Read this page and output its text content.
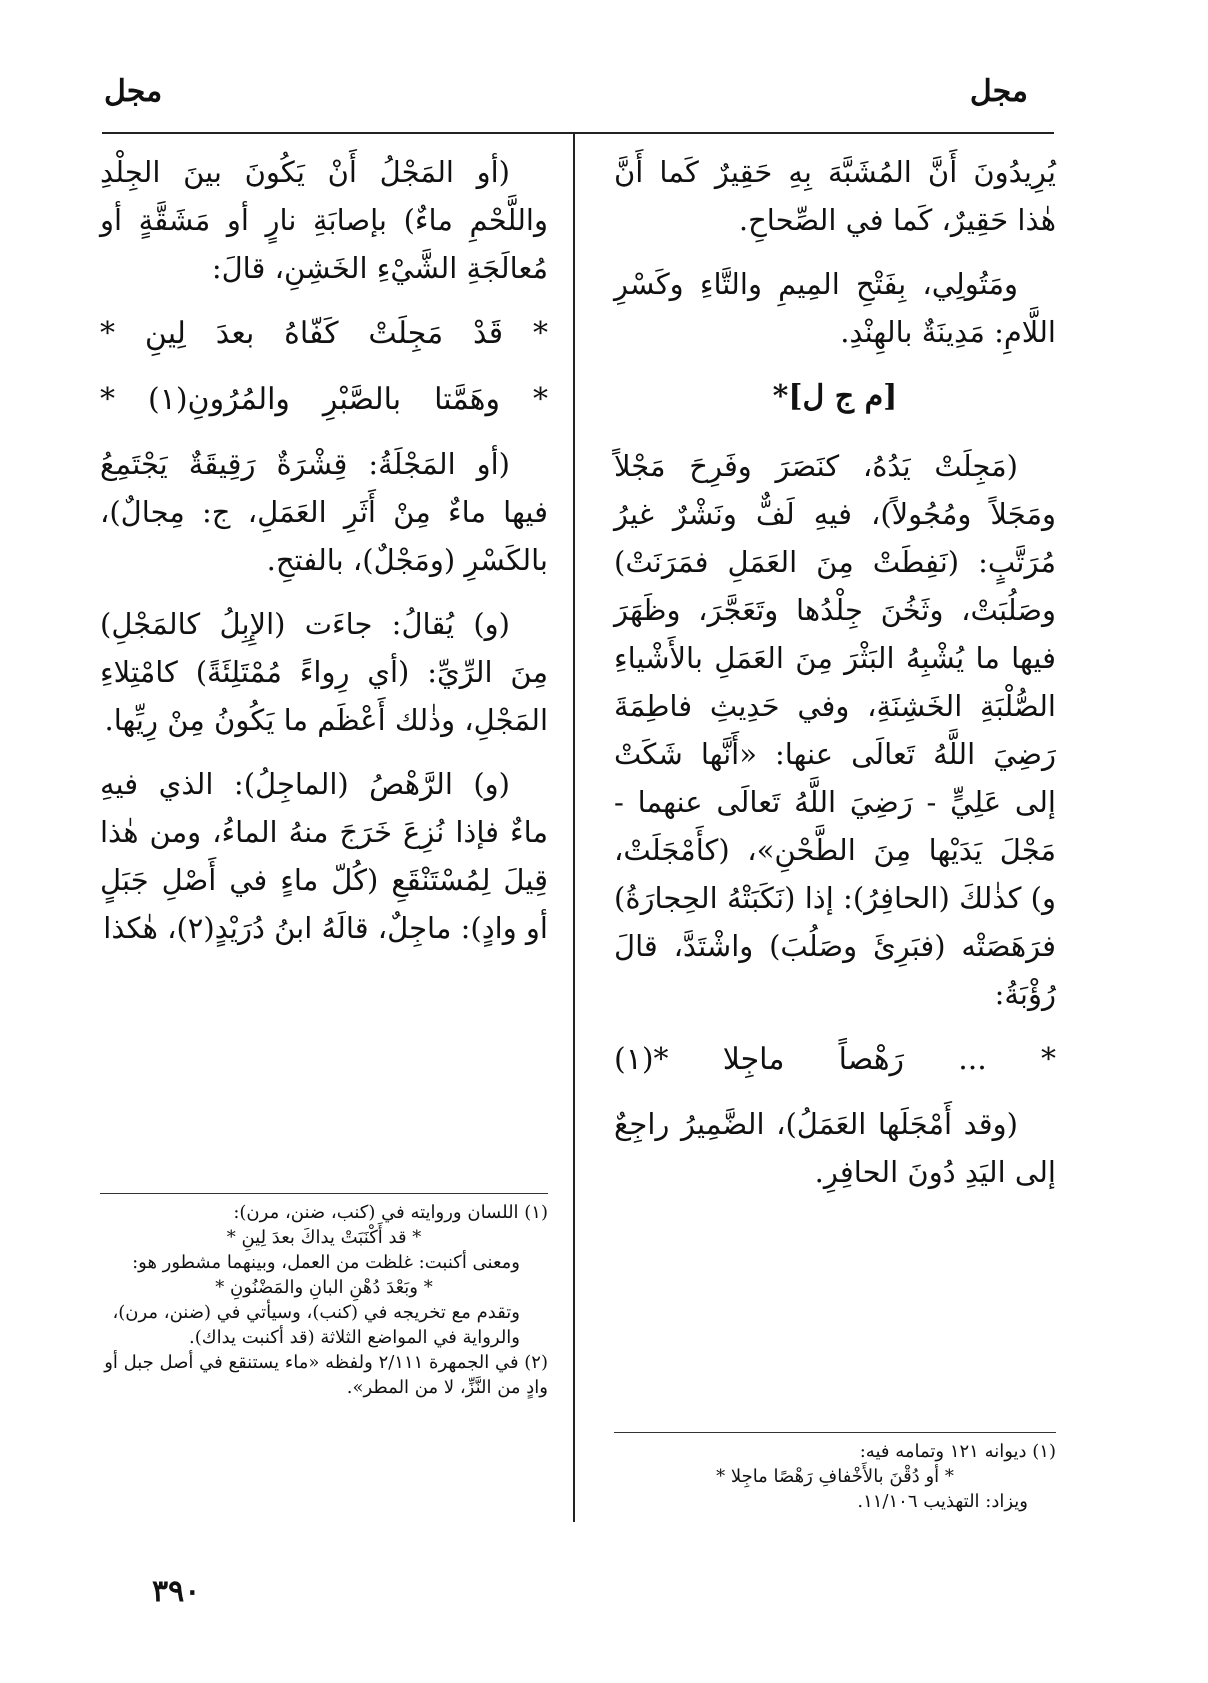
مجل
مجل

يُرِيدُونَ أَنَّ المُشَبَّهَ بِهِ حَقِيرٌ كَما أَنَّ هٰذا حَقِيرٌ، كَما في الصِّحاحِ.

ومَتُولِي، بِفَتْحِ المِيمِ والتَّاءِ وكَسْرِ اللَّامِ: مَدِينَةٌ بالهِنْدِ.

[م ج ل]*

(مَجِلَتْ يَدُهُ، كنَصَرَ وفَرِحَ مَجْلاً ومَجَلاً ومُجُولاً)، فيهِ لَفٌّ ونَشْرٌ غيرُ مُرَتَّبٍ: (نَفِطَتْ مِنَ العَمَلِ فمَرَنَتْ) وصَلُبَتْ، وثَخُنَ جِلْدُها وتَعَجَّرَ، وظَهَرَ فيها ما يُشْبِهُ البَثْرَ مِنَ العَمَلِ بالأَشْياءِ الصُّلْبَةِ الخَشِنَةِ، وفي حَدِيثِ فاطِمَةَ رَضِيَ اللَّهُ تَعالَى عنها: «أَنَّها شَكَتْ إلى عَلِيٍّ - رَضِيَ اللَّهُ تَعالَى عنهما - مَجْلَ يَدَيْها مِنَ الطَّحْنِ»، (كأَمْجَلَتْ، و) كذٰلكَ (الحافِرُ): إذا (نَكَبَتْهُ الحِجارَةُ) فرَهَصَتْه (فبَرِئَ وصَلُبَ) واشْتَدَّ، قالَ رُؤْبَةُ:

* ... رَهْصاً ماجِلا *(١)

(وقد أَمْجَلَها العَمَلُ)، الضَّمِيرُ راجِعٌ إلى اليَدِ دُونَ الحافِرِ.

(أو المَجْلُ أَنْ يَكُونَ بينَ الجِلْدِ واللَّحْمِ ماءٌ) بإصابَةِ نارٍ أو مَشَقَّةٍ أو مُعالَجَةِ الشَّيْءِ الخَشِنِ، قالَ:

* قَدْ مَجِلَتْ كَفّاهُ بعدَ لِينِ *

* وهَمَّتا بالصَّبْرِ والمُرُونِ(١) *

(أو المَجْلَةُ: قِشْرَةٌ رَقِيقَةٌ يَجْتَمِعُ فيها ماءٌ مِنْ أَثَرِ العَمَلِ، ج: مِجالٌ)، بالكَسْرِ (ومَجْلٌ)، بالفتحِ.

(و) يُقالُ: جاءَت (الإِبِلُ كالمَجْلِ) مِنَ الرِّيِّ: (أي رِواءً مُمْتَلِئَةً) كامْتِلاءِ المَجْلِ، وذٰلك أَعْظَم ما يَكُونُ مِنْ رِيِّها.

(و) الرَّهْصُ (الماجِلُ): الذي فيهِ ماءٌ فإذا نُزِعَ خَرَجَ منهُ الماءُ، ومن هٰذا قِيلَ لِمُسْتَنْقَعِ (كُلّ ماءٍ في أَصْلِ جَبَلٍ أو وادٍ): ماجِلٌ، قالَهُ ابنُ دُرَيْدٍ(٢)، هٰكذا

(١) اللسان وروايته في (كنب، ضنن، مرن):

* قد أَكْنَبَتْ يداكَ بعدَ لِينِ *

ومعنى أكنبت: غلظت من العمل، وبينهما مشطور هو:

* وبَعْدَ دُهْنِ البانِ والمَضْنُونِ *

وتقدم مع تخريجه في (كنب)، وسيأتي في (ضنن، مرن)، والرواية في المواضع الثلاثة (قد أكنبت يداك).

(٢) في الجمهرة ٢/١١١ ولفظه «ماء يستنقع في أصل جبل أو وادٍ من النَّزِّ، لا من المطر».

(١) ديوانه ١٢١ وتمامه فيه:

* أو دُقْنَ بالأَخْفافِ رَهْصًا ماجِلا *

ويزاد: التهذيب ١١/١٠٦.

٣٩٠
